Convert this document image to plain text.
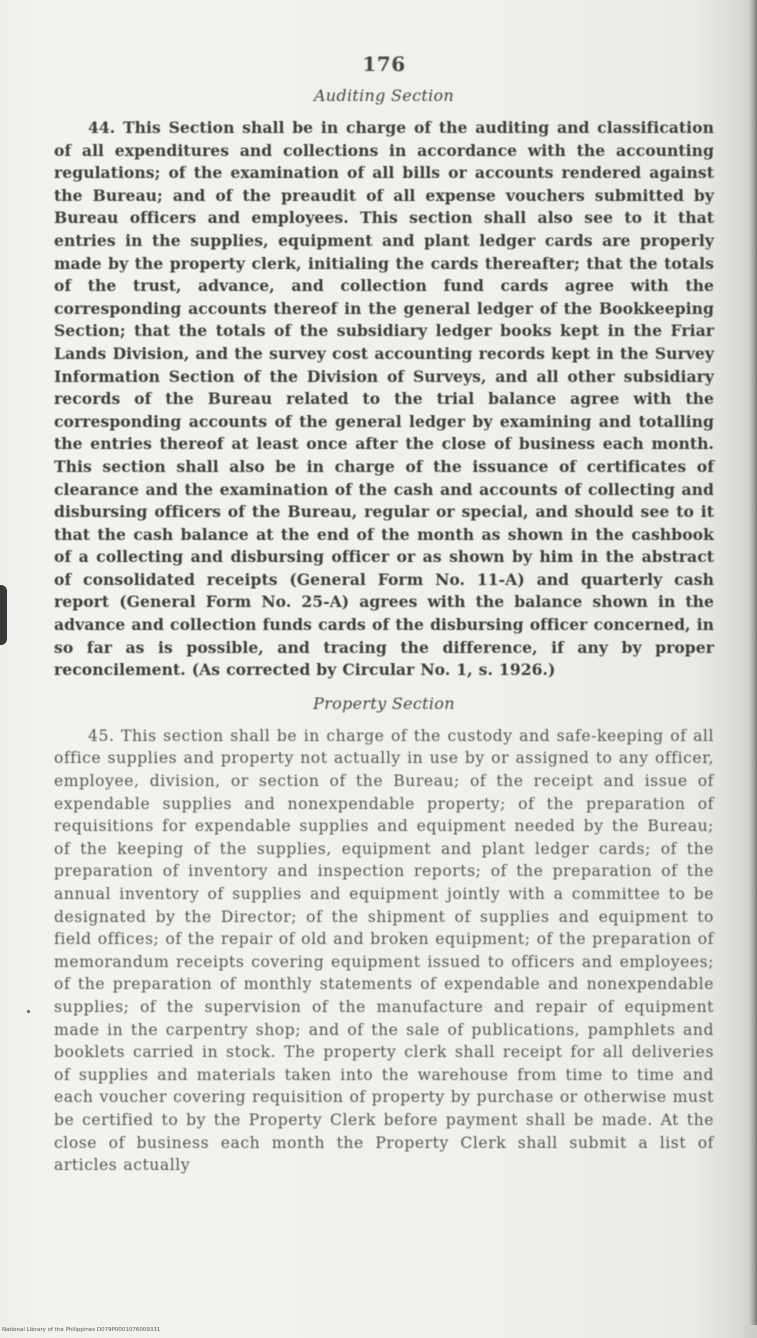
176
Auditing Section

44. This Section shall be in charge of the auditing and classification of all expenditures and collections in accordance with the accounting regulations; of the examination of all bills or accounts rendered against the Bureau; and of the preaudit of all expense vouchers submitted by Bureau officers and employees. This section shall also see to it that entries in the supplies, equipment and plant ledger cards are properly made by the property clerk, initialing the cards thereafter; that the totals of the trust, advance, and collection fund cards agree with the corresponding accounts thereof in the general ledger of the Bookkeeping Section; that the totals of the subsidiary ledger books kept in the Friar Lands Division, and the survey cost accounting records kept in the Survey Information Section of the Division of Surveys, and all other subsidiary records of the Bureau related to the trial balance agree with the corresponding accounts of the general ledger by examining and totalling the entries thereof at least once after the close of business each month. This section shall also be in charge of the issuance of certificates of clearance and the examination of the cash and accounts of collecting and disbursing officers of the Bureau, regular or special, and should see to it that the cash balance at the end of the month as shown in the cashbook of a collecting and disbursing officer or as shown by him in the abstract of consolidated receipts (General Form No. 11-A) and quarterly cash report (General Form No. 25-A) agrees with the balance shown in the advance and collection funds cards of the disbursing officer concerned, in so far as is possible, and tracing the difference, if any by proper reconcilement. (As corrected by Circular No. 1, s. 1926.)

Property Section

45. This section shall be in charge of the custody and safe-keeping of all office supplies and property not actually in use by or assigned to any officer, employee, division, or section of the Bureau; of the receipt and issue of expendable supplies and nonexpendable property; of the preparation of requisitions for expendable supplies and equipment needed by the Bureau; of the keeping of the supplies, equipment and plant ledger cards; of the preparation of inventory and inspection reports; of the preparation of the annual inventory of supplies and equipment jointly with a committee to be designated by the Director; of the shipment of supplies and equipment to field offices; of the repair of old and broken equipment; of the preparation of memorandum receipts covering equipment issued to officers and employees; of the preparation of monthly statements of expendable and nonexpendable supplies; of the supervision of the manufacture and repair of equipment made in the carpentry shop; and of the sale of publications, pamphlets and booklets carried in stock. The property clerk shall receipt for all deliveries of supplies and materials taken into the warehouse from time to time and each voucher covering requisition of property by purchase or otherwise must be certified to by the Property Clerk before payment shall be made. At the close of business each month the Property Clerk shall submit a list of articles actually

National Library of the Philippines D079P0001076009331
